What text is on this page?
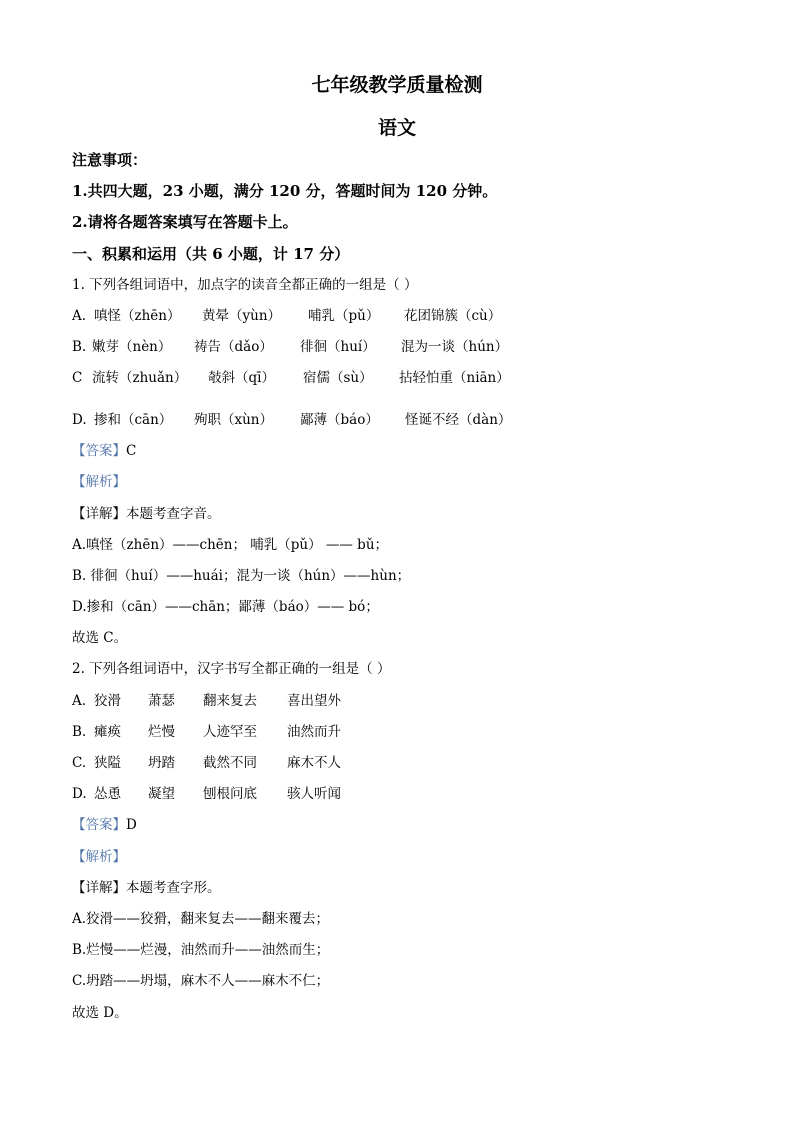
七年级教学质量检测
语文
注意事项：
1.共四大题，23 小题，满分 120 分，答题时间为 120 分钟。
2.请将各题答案填写在答题卡上。
一、积累和运用（共 6 小题，计 17 分）
1. 下列各组词语中，加点字的读音全都正确的一组是（ ）
A. 嗔怪（zhēn） 黄晕（yùn） 哺乳（pǔ） 花团锦簇（cù）
B. 嫩芽（nèn） 祷告（dǎo） 徘徊（huí） 混为一谈（hún）
C 流转（zhuǎn） 攲斜（qī） 宿儒（sù） 拈轻怕重（niān）
D. 掺和（cān） 殉职（xùn） 鄙薄（báo） 怪诞不经（dàn）
【答案】C
【解析】
【详解】本题考查字音。
A.嗔怪（zhēn）——chēn； 哺乳（pǔ） —— bǔ；
B. 徘徊（huí）——huái；混为一谈（hún）——hùn；
D.掺和（cān）——chān；鄙薄（báo）—— bó；
故选 C。
2. 下列各组词语中，汉字书写全都正确的一组是（ ）
A. 狡滑 萧瑟 翻来复去 喜出望外
B. 瘫痪 烂慢 人迹罕至 油然而升
C. 狭隘 坍踏 截然不同 麻木不人
D. 怂恿 凝望 刨根问底 骇人听闻
【答案】D
【解析】
【详解】本题考查字形。
A.狡滑——狡猾，翻来复去——翻来覆去；
B.烂慢——烂漫，油然而升——油然而生；
C.坍踏——坍塌，麻木不人——麻木不仁；
故选 D。
